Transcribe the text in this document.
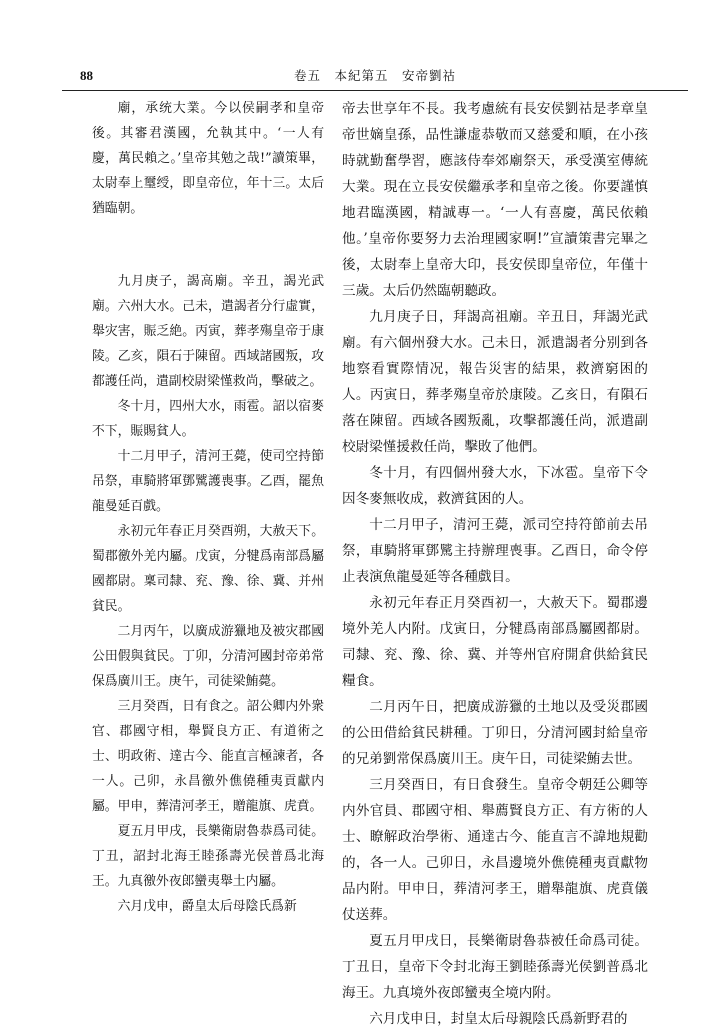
88	卷五　本紀第五　安帝劉祜

廟，承统大業。今以侯嗣孝和皇帝後。其審君漢國，允執其中。‘一人有慶，萬民賴之。’皇帝其勉之哉!”讀策畢，太尉奉上璽绶，即皇帝位，年十三。太后猶臨朝。

九月庚子，謁高廟。辛丑，謁光武廟。六州大水。己未，遣謁者分行虛實，舉灾害，賑乏絶。丙寅，葬孝殤皇帝于康陵。乙亥，隕石于陳留。西域諸國叛，攻都護任尚，遣副校尉梁慬救尚，擊破之。

冬十月，四州大水，雨雹。詔以宿麥不下，賑賜貧人。

十二月甲子，清河王薨，使司空持節吊祭，車騎將軍鄧騭護喪事。乙酉，罷魚龍曼延百戲。

永初元年春正月癸酉朔，大赦天下。蜀郡徼外羌内屬。戊寅，分犍爲南部爲屬國都尉。稟司隸、兖、豫、徐、冀、并州貧民。

二月丙午，以廣成游獵地及被灾郡國公田假與貧民。丁卯，分清河國封帝弟常保爲廣川王。庚午，司徒梁鮪薨。

三月癸酉，日有食之。詔公卿内外衆官、郡國守相，舉賢良方正、有道術之士、明政術、達古今、能直言極諫者，各一人。己卯，永昌徼外僬僥種夷貢獻内屬。甲申，葬清河孝王，贈龍旗、虎賁。

夏五月甲戌，長樂衛尉魯恭爲司徒。丁丑，詔封北海王睦孫壽光侯普爲北海王。九真徼外夜郎蠻夷舉土内屬。

六月戊申，爵皇太后母陰氏爲新

帝去世享年不長。我考慮統有長安侯劉祜是孝章皇帝世嫡皇孫，品性謙虚恭敬而又慈愛和順，在小孩時就勤奮學習，應該侍奉郊廟祭天，承受漢室傳統大業。現在立長安侯繼承孝和皇帝之後。你要謹慎地君臨漢國，精誠專一。‘一人有喜慶，萬民依賴他。’皇帝你要努力去治理國家啊!”宣讀策書完畢之後，太尉奉上皇帝大印，長安侯即皇帝位，年僅十三歲。太后仍然臨朝聽政。

九月庚子日，拜謁高祖廟。辛丑日，拜謁光武廟。有六個州發大水。己未日，派遣謁者分别到各地察看實際情况，報告災害的結果，救濟窮困的人。丙寅日，葬孝殤皇帝於康陵。乙亥日，有隕石落在陳留。西域各國叛亂，攻擊都護任尚，派遣副校尉梁慬援救任尚，擊敗了他們。

冬十月，有四個州發大水，下冰雹。皇帝下令因冬麥無收成，救濟貧困的人。

十二月甲子，清河王薨，派司空持符節前去吊祭，車騎將軍鄧騭主持辦理喪事。乙酉日，命令停止表演魚龍曼延等各種戲目。

永初元年春正月癸酉初一，大赦天下。蜀郡邊境外羌人内附。戊寅日，分犍爲南部爲屬國都尉。司隸、兖、豫、徐、冀、并等州官府開倉供給貧民糧食。

二月丙午日，把廣成游獵的土地以及受災郡國的公田借給貧民耕種。丁卯日，分清河國封給皇帝的兄弟劉常保爲廣川王。庚午日，司徒梁鮪去世。

三月癸酉日，有日食發生。皇帝令朝廷公卿等内外官員、郡國守相、舉薦賢良方正、有方術的人士、瞭解政治學術、通達古今、能直言不諱地規勸的，各一人。己卯日，永昌邊境外僬僥種夷貢獻物品内附。甲申日，葬清河孝王，贈舉龍旗、虎賁儀仗送葬。

夏五月甲戌日，長樂衛尉魯恭被任命爲司徒。丁丑日，皇帝下令封北海王劉睦孫壽光侯劉普爲北海王。九真境外夜郎蠻夷全境内附。

六月戊申日，封皇太后母親陰氏爲新野君的
